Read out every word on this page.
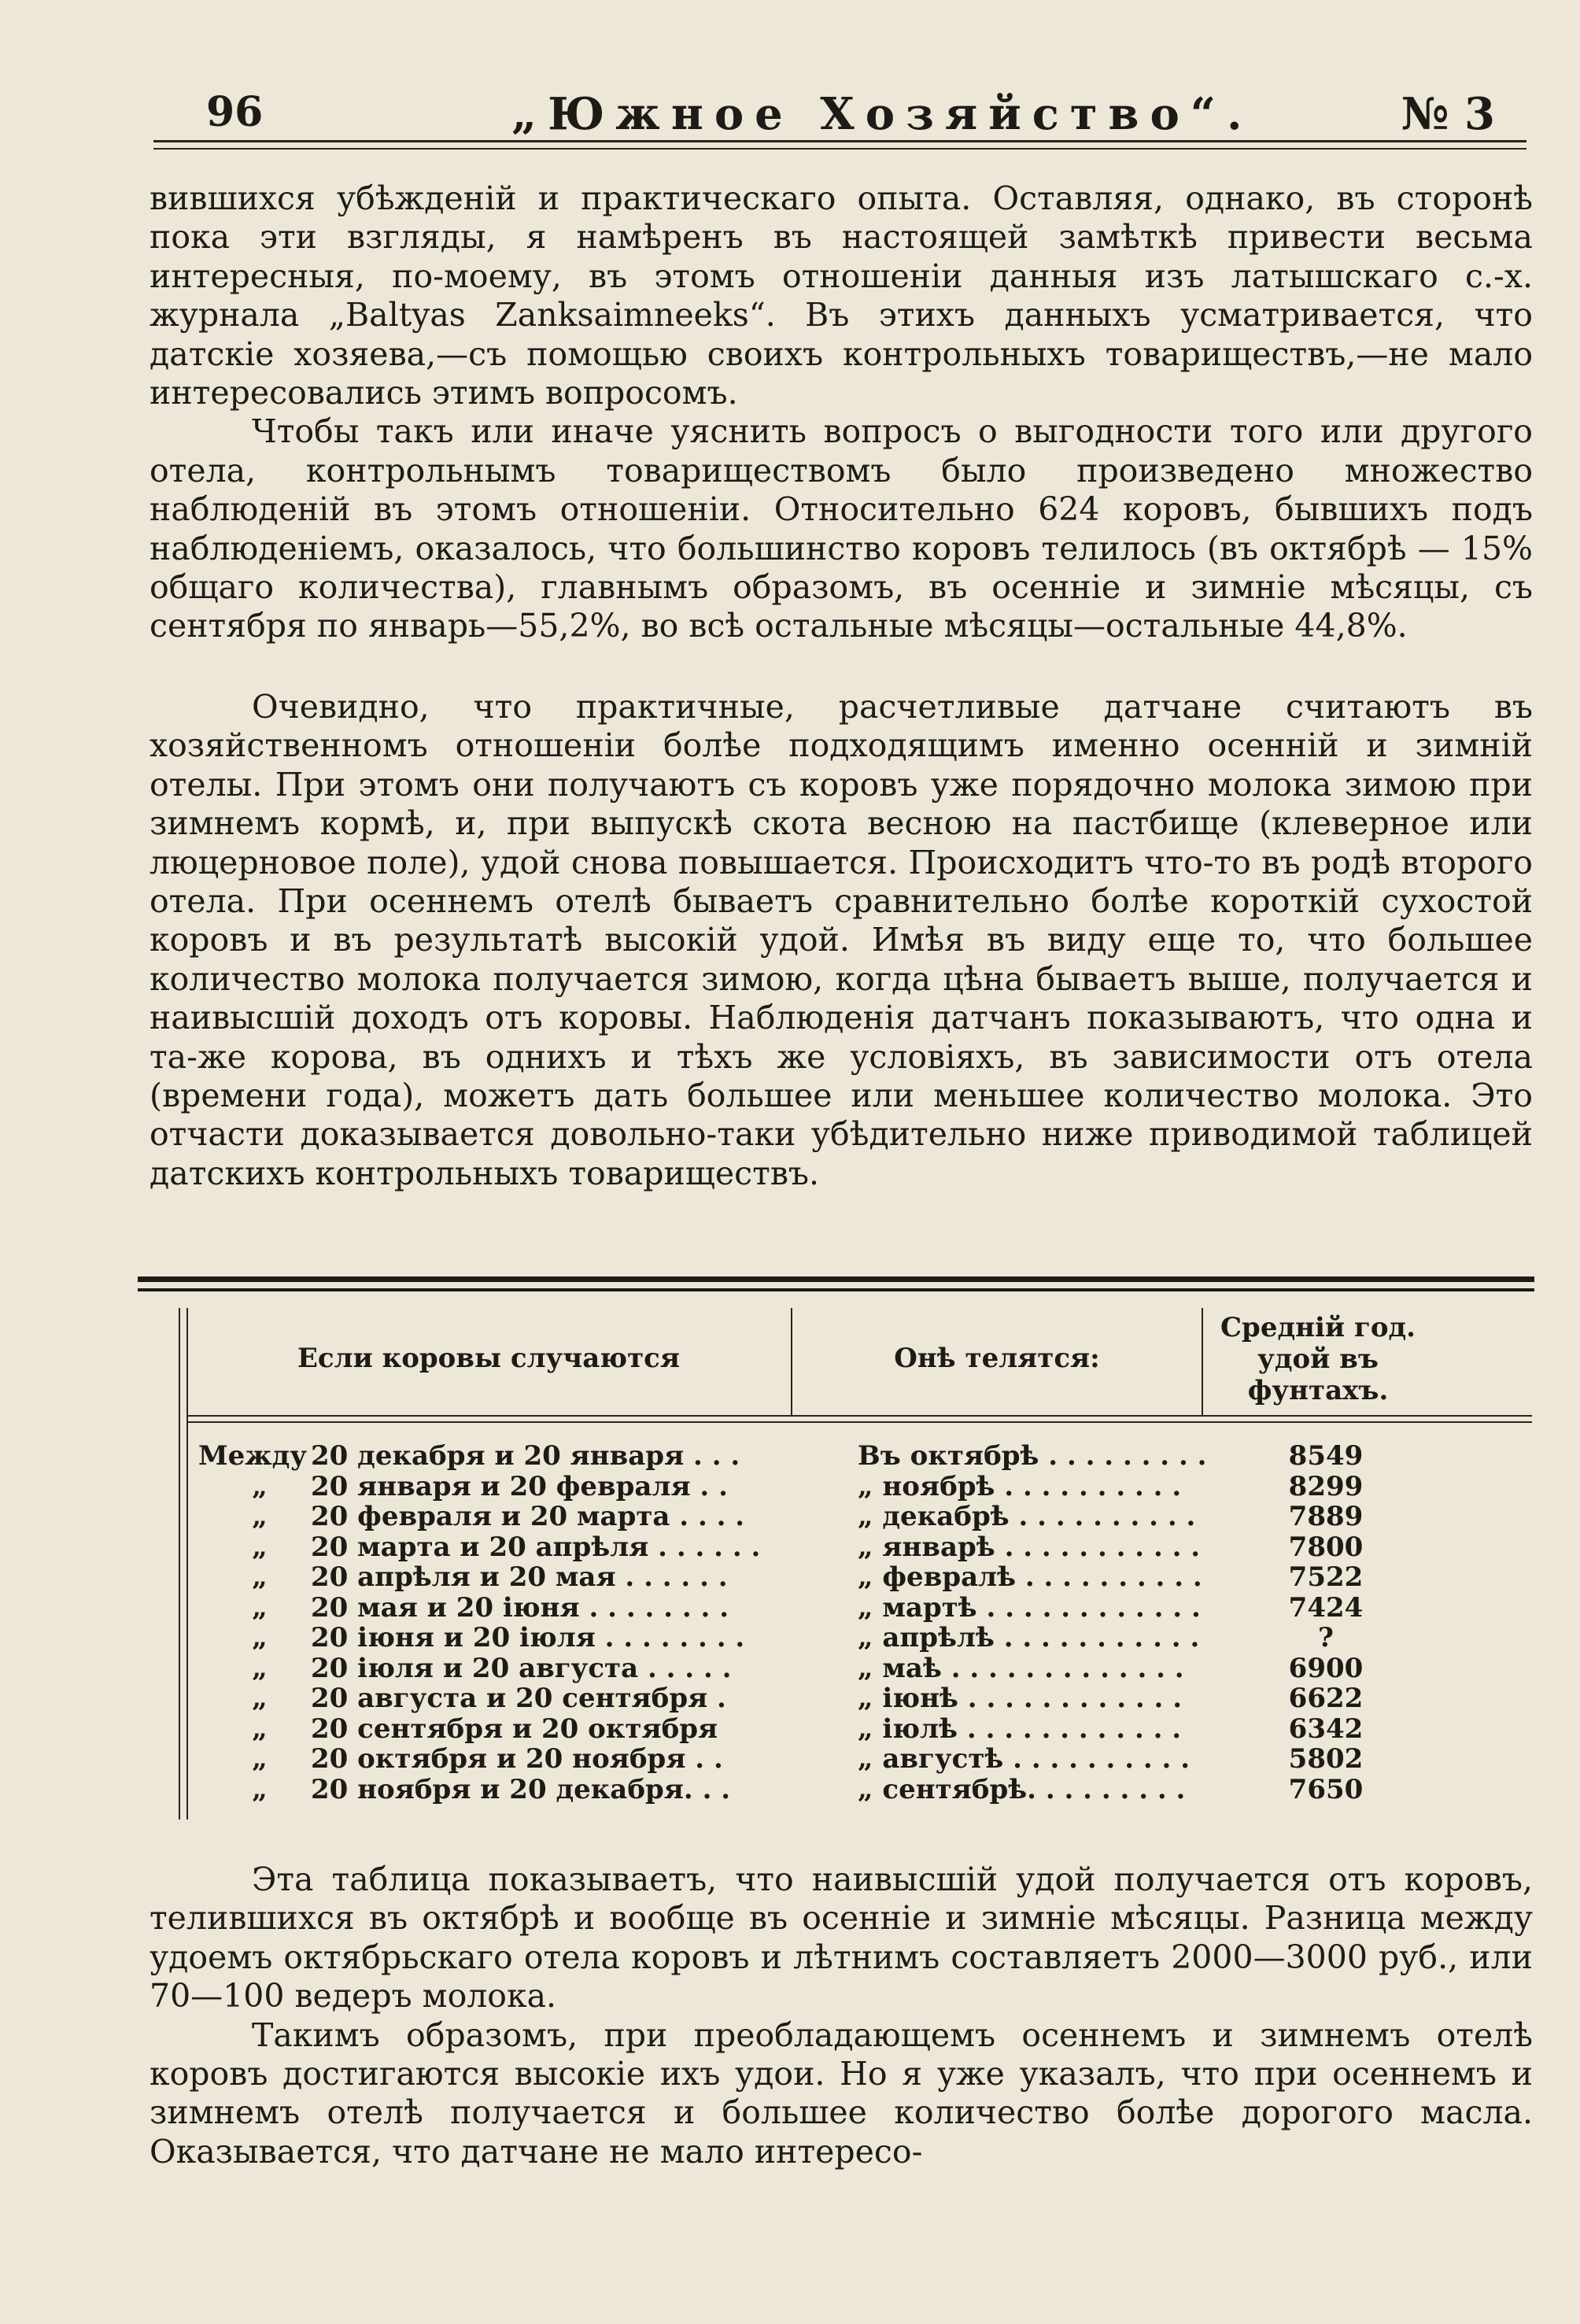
96	„Южное Хозяйство“.	№ 3

вившихся убѣжденій и практическаго опыта. Оставляя, однако, въ сторонѣ пока эти взгляды, я намѣренъ въ настоящей замѣткѣ привести весьма интересныя, по-моему, въ этомъ отношеніи данныя изъ латышскаго с.-х. журнала „Baltyas Zanksaimneeks“. Въ этихъ данныхъ усматривается, что датскіе хозяева,—съ помощью своихъ контрольныхъ товариществъ,—не мало интересовались этимъ вопросомъ.

Чтобы такъ или иначе уяснить вопросъ о выгодности того или другого отела, контрольнымъ товариществомъ было произведено множество наблюденій въ этомъ отношеніи. Относительно 624 коровъ, бывшихъ подъ наблюденіемъ, оказалось, что большинство коровъ телилось (въ октябрѣ — 15% общаго количества), главнымъ образомъ, въ осенніе и зимніе мѣсяцы, съ сентября по январь—55,2%, во всѣ остальные мѣсяцы—остальные 44,8%.

Очевидно, что практичные, расчетливые датчане считаютъ въ хозяйственномъ отношеніи болѣе подходящимъ именно осенній и зимній отелы. При этомъ они получаютъ съ коровъ уже порядочно молока зимою при зимнемъ кормѣ, и, при выпускѣ скота весною на пастбище (клеверное или люцерновое поле), удой снова повышается. Происходитъ что-то въ родѣ второго отела. При осеннемъ отелѣ бываетъ сравнительно болѣе короткій сухостой коровъ и въ результатѣ высокій удой. Имѣя въ виду еще то, что большее количество молока получается зимою, когда цѣна бываетъ выше, получается и наивысшій доходъ отъ коровы. Наблюденія датчанъ показываютъ, что одна и та-же корова, въ однихъ и тѣхъ же условіяхъ, въ зависимости отъ отела (времени года), можетъ дать большее или меньшее количество молока. Это отчасти доказывается довольно-таки убѣдительно ниже приводимой таблицей датскихъ контрольныхъ товариществъ.

Если коровы случаются	Онѣ телятся:
Средній год. удой въ фунтахъ.
Между 20 декабря и 20 января . . .	Въ октябрѣ . . . . . . . . .	8549
„	20 января и 20 февраля . .	„ ноябрѣ . . . . . . . . . .	8299
„	20 февраля и 20 марта . . . .	„ декабрѣ . . . . . . . . . .	7889
„	20 марта и 20 апрѣля . . . . . .	„ январѣ . . . . . . . . . . .	7800
„	20 апрѣля и 20 мая . . . . . .	„ февралѣ . . . . . . . . . .	7522
„	20 мая и 20 іюня . . . . . . . .	„ мартѣ . . . . . . . . . . . .	7424
„	20 іюня и 20 іюля . . . . . . . .	„ апрѣлѣ . . . . . . . . . . .	?
„	20 іюля и 20 августа . . . . .	„ маѣ . . . . . . . . . . . . .	6900
„	20 августа и 20 сентября .	„ іюнѣ . . . . . . . . . . . .	6622
„	20 сентября и 20 октября	„ іюлѣ . . . . . . . . . . . .	6342
„	20 октября и 20 ноября . .	„ августѣ . . . . . . . . . .	5802
„	20 ноября и 20 декабря. . .	„ сентябрѣ. . . . . . . . .	7650

Эта таблица показываетъ, что наивысшій удой получается отъ коровъ, телившихся въ октябрѣ и вообще въ осенніе и зимніе мѣсяцы. Разница между удоемъ октябрьскаго отела коровъ и лѣтнимъ составляетъ 2000—3000 руб., или 70—100 ведеръ молока.

Такимъ образомъ, при преобладающемъ осеннемъ и зимнемъ отелѣ коровъ достигаются высокіе ихъ удои. Но я уже указалъ, что при осеннемъ и зимнемъ отелѣ получается и большее количество болѣе дорогого масла. Оказывается, что датчане не мало интересо-
